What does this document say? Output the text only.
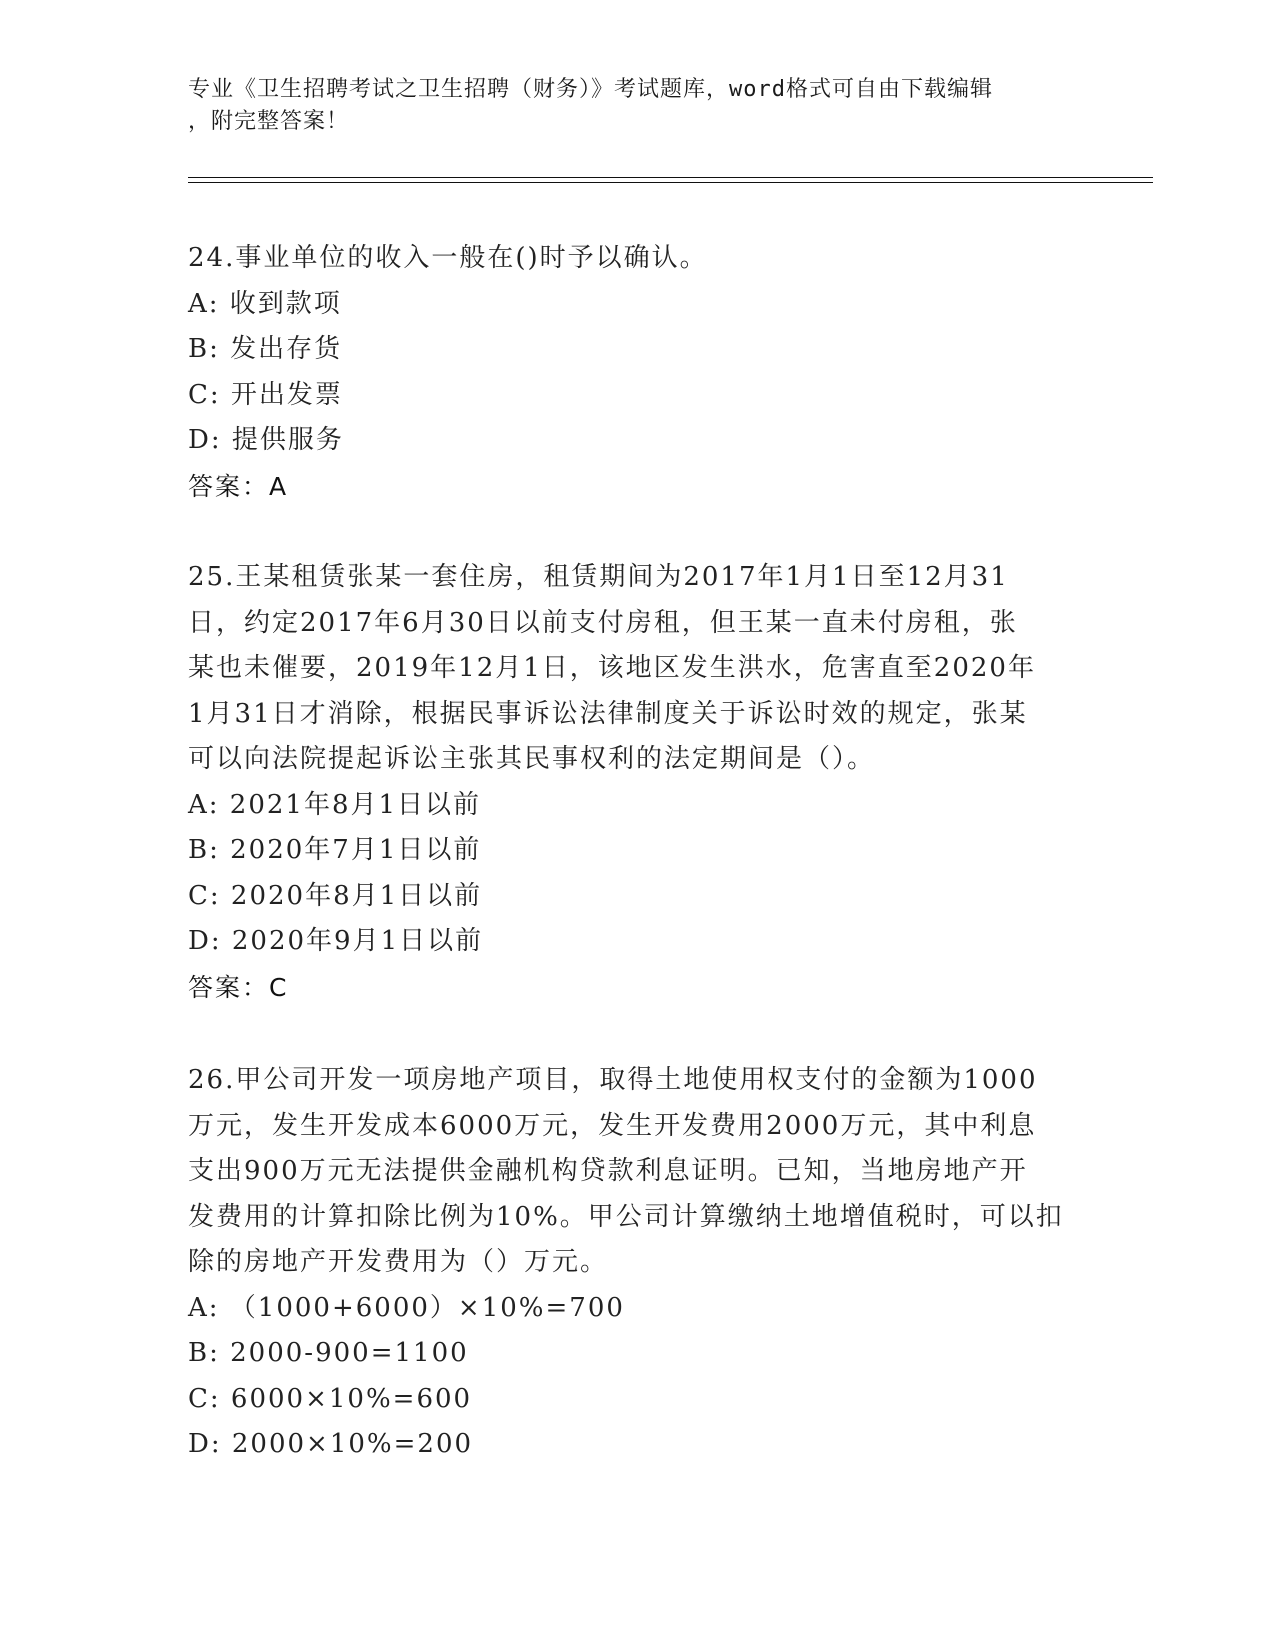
专业《卫生招聘考试之卫生招聘（财务）》考试题库，word格式可自由下载编辑

，附完整答案！

24.事业单位的收入一般在()时予以确认。

A: 收到款项

B: 发出存货

C: 开出发票

D: 提供服务

答案：A

25.王某租赁张某一套住房，租赁期间为2017年1月1日至12月31

日，约定2017年6月30日以前支付房租，但王某一直未付房租，张

某也未催要，2019年12月1日，该地区发生洪水，危害直至2020年

1月31日才消除，根据民事诉讼法律制度关于诉讼时效的规定，张某

可以向法院提起诉讼主张其民事权利的法定期间是（）。

A: 2021年8月1日以前

B: 2020年7月1日以前

C: 2020年8月1日以前

D: 2020年9月1日以前

答案：C

26.甲公司开发一项房地产项目，取得土地使用权支付的金额为1000

万元，发生开发成本6000万元，发生开发费用2000万元，其中利息

支出900万元无法提供金融机构贷款利息证明。已知，当地房地产开

发费用的计算扣除比例为10%。甲公司计算缴纳土地增值税时，可以扣

除的房地产开发费用为（）万元。

A: （1000+6000）×10%=700

B: 2000-900=1100

C: 6000×10%=600

D: 2000×10%=200
